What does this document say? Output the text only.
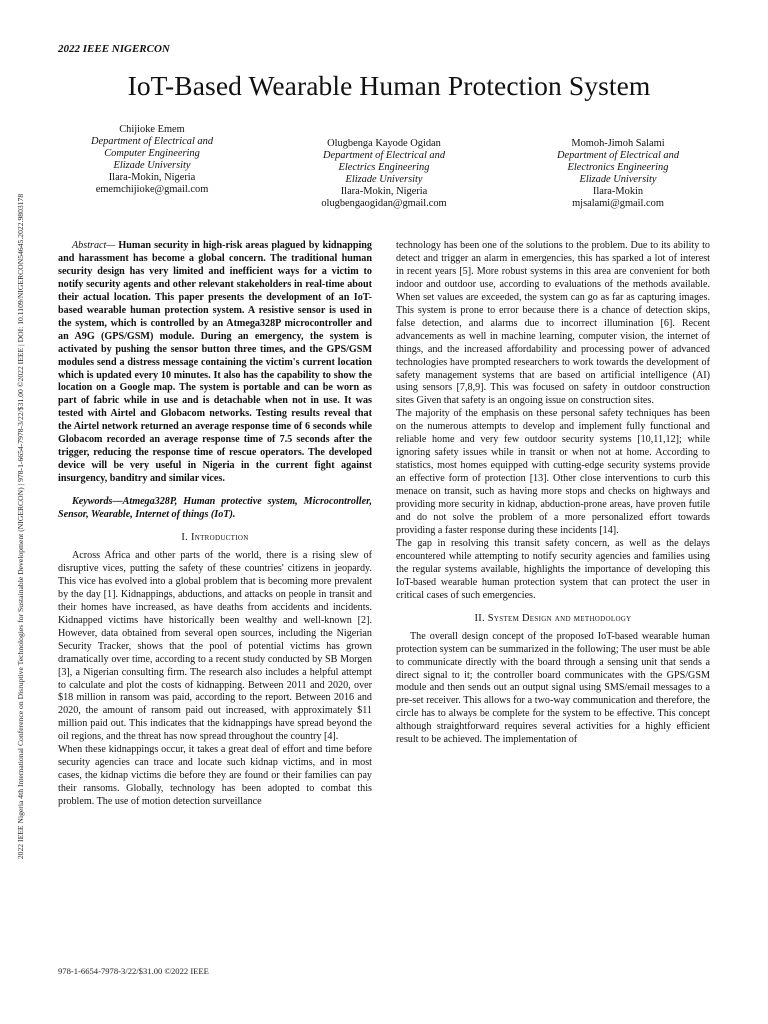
2022 IEEE Nigeria 4th International Conference on Disruptive Technologies for Sustainable Development (NIGERCON) | 978-1-6654-7978-3/22/$31.00 ©2022 IEEE | DOI: 10.1109/NIGERCON54645.2022.9803178
2022 IEEE NIGERCON
IoT-Based Wearable Human Protection System
Chijioke Emem
Department of Electrical and
Computer Engineering
Elizade University
Ilara-Mokin, Nigeria
ememchijioke@gmail.com
Olugbenga Kayode Ogidan
Department of Electrical and
Electrics Engineering
Elizade University
Ilara-Mokin, Nigeria
olugbengaogidan@gmail.com
Momoh-Jimoh Salami
Department of Electrical and
Electronics Engineering
Elizade University
Ilara-Mokin
mjsalami@gmail.com

Abstract— Human security in high-risk areas plagued by kidnapping and harassment has become a global concern. The traditional human security design has very limited and inefficient ways for a victim to notify security agents and other relevant stakeholders in real-time about their actual location. This paper presents the development of an IoT-based wearable human protection system. A resistive sensor is used in the system, which is controlled by an Atmega328P microcontroller and an A9G (GPS/GSM) module. During an emergency, the system is activated by pushing the sensor button three times, and the GPS/GSM modules send a distress message containing the victim's current location which is updated every 10 minutes. It also has the capability to show the location on a Google map. The system is portable and can be worn as part of fabric while in use and is detachable when not in use. It was tested with Airtel and Globacom networks. Testing results reveal that the Airtel network returned an average response time of 6 seconds while Globacom recorded an average response time of 7.5 seconds after the trigger, reducing the response time of rescue operators. The developed device will be very useful in Nigeria in the current fight against insurgency, banditry and similar vices.

Keywords—Atmega328P, Human protective system, Microcontroller, Sensor, Wearable, Internet of things (IoT).

I. Introduction

Across Africa and other parts of the world, there is a rising slew of disruptive vices, putting the safety of these countries' citizens in jeopardy. This vice has evolved into a global problem that is becoming more prevalent by the day [1]. Kidnappings, abductions, and attacks on people in transit and their homes have increased, as have deaths from accidents and incidents. Kidnapped victims have historically been wealthy and well-known [2]. However, data obtained from several open sources, including the Nigerian Security Tracker, shows that the pool of potential victims has grown dramatically over time, according to a recent study conducted by SB Morgen [3], a Nigerian consulting firm. The research also includes a helpful attempt to calculate and plot the costs of kidnapping. Between 2011 and 2020, over $18 million in ransom was paid, according to the report. Between 2016 and 2020, the amount of ransom paid out increased, with approximately $11 million paid out. This indicates that the kidnappings have spread beyond the oil regions, and the threat has now spread throughout the country [4].

When these kidnappings occur, it takes a great deal of effort and time before security agencies can trace and locate such kidnap victims, and in most cases, the kidnap victims die before they are found or their families can pay their ransoms. Globally, technology has been adopted to combat this problem. The use of motion detection surveillance

technology has been one of the solutions to the problem. Due to its ability to detect and trigger an alarm in emergencies, this has sparked a lot of interest in recent years [5]. More robust systems in this area are convenient for both indoor and outdoor use, according to evaluations of the methods available. When set values are exceeded, the system can go as far as capturing images. This system is prone to error because there is a chance of detection skips, false detection, and alarms due to incorrect illumination [6]. Recent advancements as well in machine learning, computer vision, the internet of things, and the increased affordability and processing power of advanced technologies have prompted researchers to work towards the development of safety management systems that are based on artificial intelligence (AI) using sensors [7,8,9]. This was focused on safety in outdoor construction sites Given that safety is an ongoing issue on construction sites.

The majority of the emphasis on these personal safety techniques has been on the numerous attempts to develop and implement fully functional and reliable home and very few outdoor security systems [10,11,12]; while ignoring safety issues while in transit or when not at home. According to statistics, most homes equipped with cutting-edge security systems provide an effective form of protection [13]. Other close interventions to curb this menace on transit, such as having more stops and checks on highways and providing more security in kidnap, abduction-prone areas, have proven futile and do not solve the problem of a more personalized effort towards providing a faster response during these incidents [14].

The gap in resolving this transit safety concern, as well as the delays encountered while attempting to notify security agencies and families using the regular systems available, highlights the importance of developing this IoT-based wearable human protection system that can protect the user in critical cases of such emergencies.

II. System Design and methodology

The overall design concept of the proposed IoT-based wearable human protection system can be summarized in the following; The user must be able to communicate directly with the board through a sensing unit that sends a direct signal to it; the controller board communicates with the GPS/GSM module and then sends out an output signal using SMS/email messages to a pre-set receiver. This allows for a two-way communication and therefore, the circle has to always be complete for the system to be effective. This concept although straightforward requires several activities for a highly efficient result to be achieved. The implementation of

978-1-6654-7978-3/22/$31.00 ©2022 IEEE
